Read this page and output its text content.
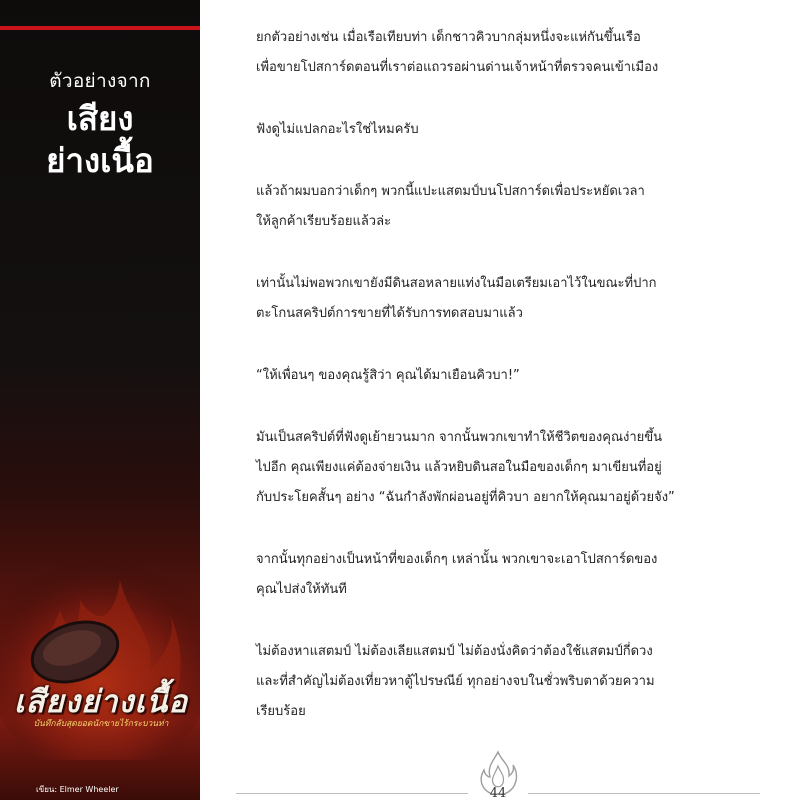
ตัวอย่างจาก
เสียง
ย่างเนื้อ
เสียงย่างเนื้อ
บันทึกลับสุดยอดนักขายไร้กระบวนท่า
เขียน: Elmer Wheeler

ยกตัวอย่างเช่น เมื่อเรือเทียบท่า เด็กชาวคิวบากลุ่มหนึ่งจะแห่กันขึ้นเรือ
เพื่อขายโปสการ์ดตอนที่เราต่อแถวรอผ่านด่านเจ้าหน้าที่ตรวจคนเข้าเมือง

ฟังดูไม่แปลกอะไรใช่ไหมครับ

แล้วถ้าผมบอกว่าเด็กๆ พวกนี้แปะแสตมป์บนโปสการ์ดเพื่อประหยัดเวลา
ให้ลูกค้าเรียบร้อยแล้วล่ะ

เท่านั้นไม่พอพวกเขายังมีดินสอหลายแท่งในมือเตรียมเอาไว้ในขณะที่ปาก
ตะโกนสคริปต์การขายที่ได้รับการทดสอบมาแล้ว

“ให้เพื่อนๆ ของคุณรู้สิว่า คุณได้มาเยือนคิวบา!”

มันเป็นสคริปต์ที่ฟังดูเย้ายวนมาก จากนั้นพวกเขาทำให้ชีวิตของคุณง่ายขึ้น
ไปอีก คุณเพียงแค่ต้องจ่ายเงิน แล้วหยิบดินสอในมือของเด็กๆ มาเขียนที่อยู่
กับประโยคสั้นๆ อย่าง “ฉันกำลังพักผ่อนอยู่ที่คิวบา อยากให้คุณมาอยู่ด้วยจัง”

จากนั้นทุกอย่างเป็นหน้าที่ของเด็กๆ เหล่านั้น พวกเขาจะเอาโปสการ์ดของ
คุณไปส่งให้ทันที

ไม่ต้องหาแสตมป์ ไม่ต้องเลียแสตมป์ ไม่ต้องนั่งคิดว่าต้องใช้แสตมป์กี่ดวง
และที่สำคัญไม่ต้องเที่ยวหาตู้ไปรษณีย์ ทุกอย่างจบในชั่วพริบตาด้วยความ
เรียบร้อย

44
